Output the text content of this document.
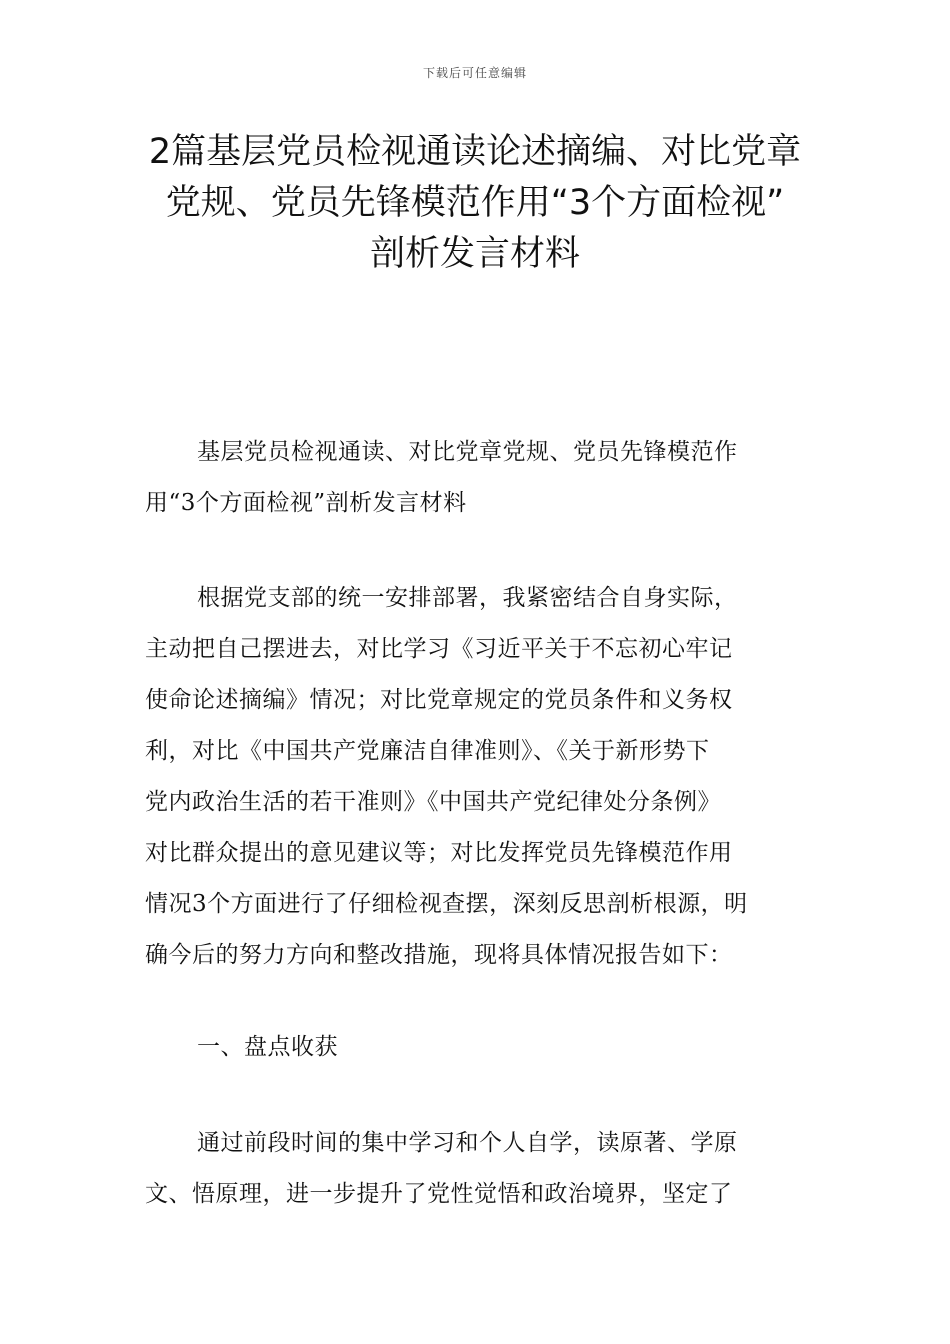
下载后可任意编辑
2篇基层党员检视通读论述摘编、对比党章
党规、党员先锋模范作用“3个方面检视”
剖析发言材料

基层党员检视通读、对比党章党规、党员先锋模范作

用“3个方面检视”剖析发言材料

根据党支部的统一安排部署，我紧密结合自身实际，

主动把自己摆进去，对比学习《习近平关于不忘初心牢记

使命论述摘编》情况；对比党章规定的党员条件和义务权

利，对比《中国共产党廉洁自律准则》、《关于新形势下

党内政治生活的若干准则》《中国共产党纪律处分条例》

对比群众提出的意见建议等；对比发挥党员先锋模范作用

情况3个方面进行了仔细检视查摆，深刻反思剖析根源，明

确今后的努力方向和整改措施，现将具体情况报告如下：

一、盘点收获

通过前段时间的集中学习和个人自学，读原著、学原

文、悟原理，进一步提升了党性觉悟和政治境界，坚定了
